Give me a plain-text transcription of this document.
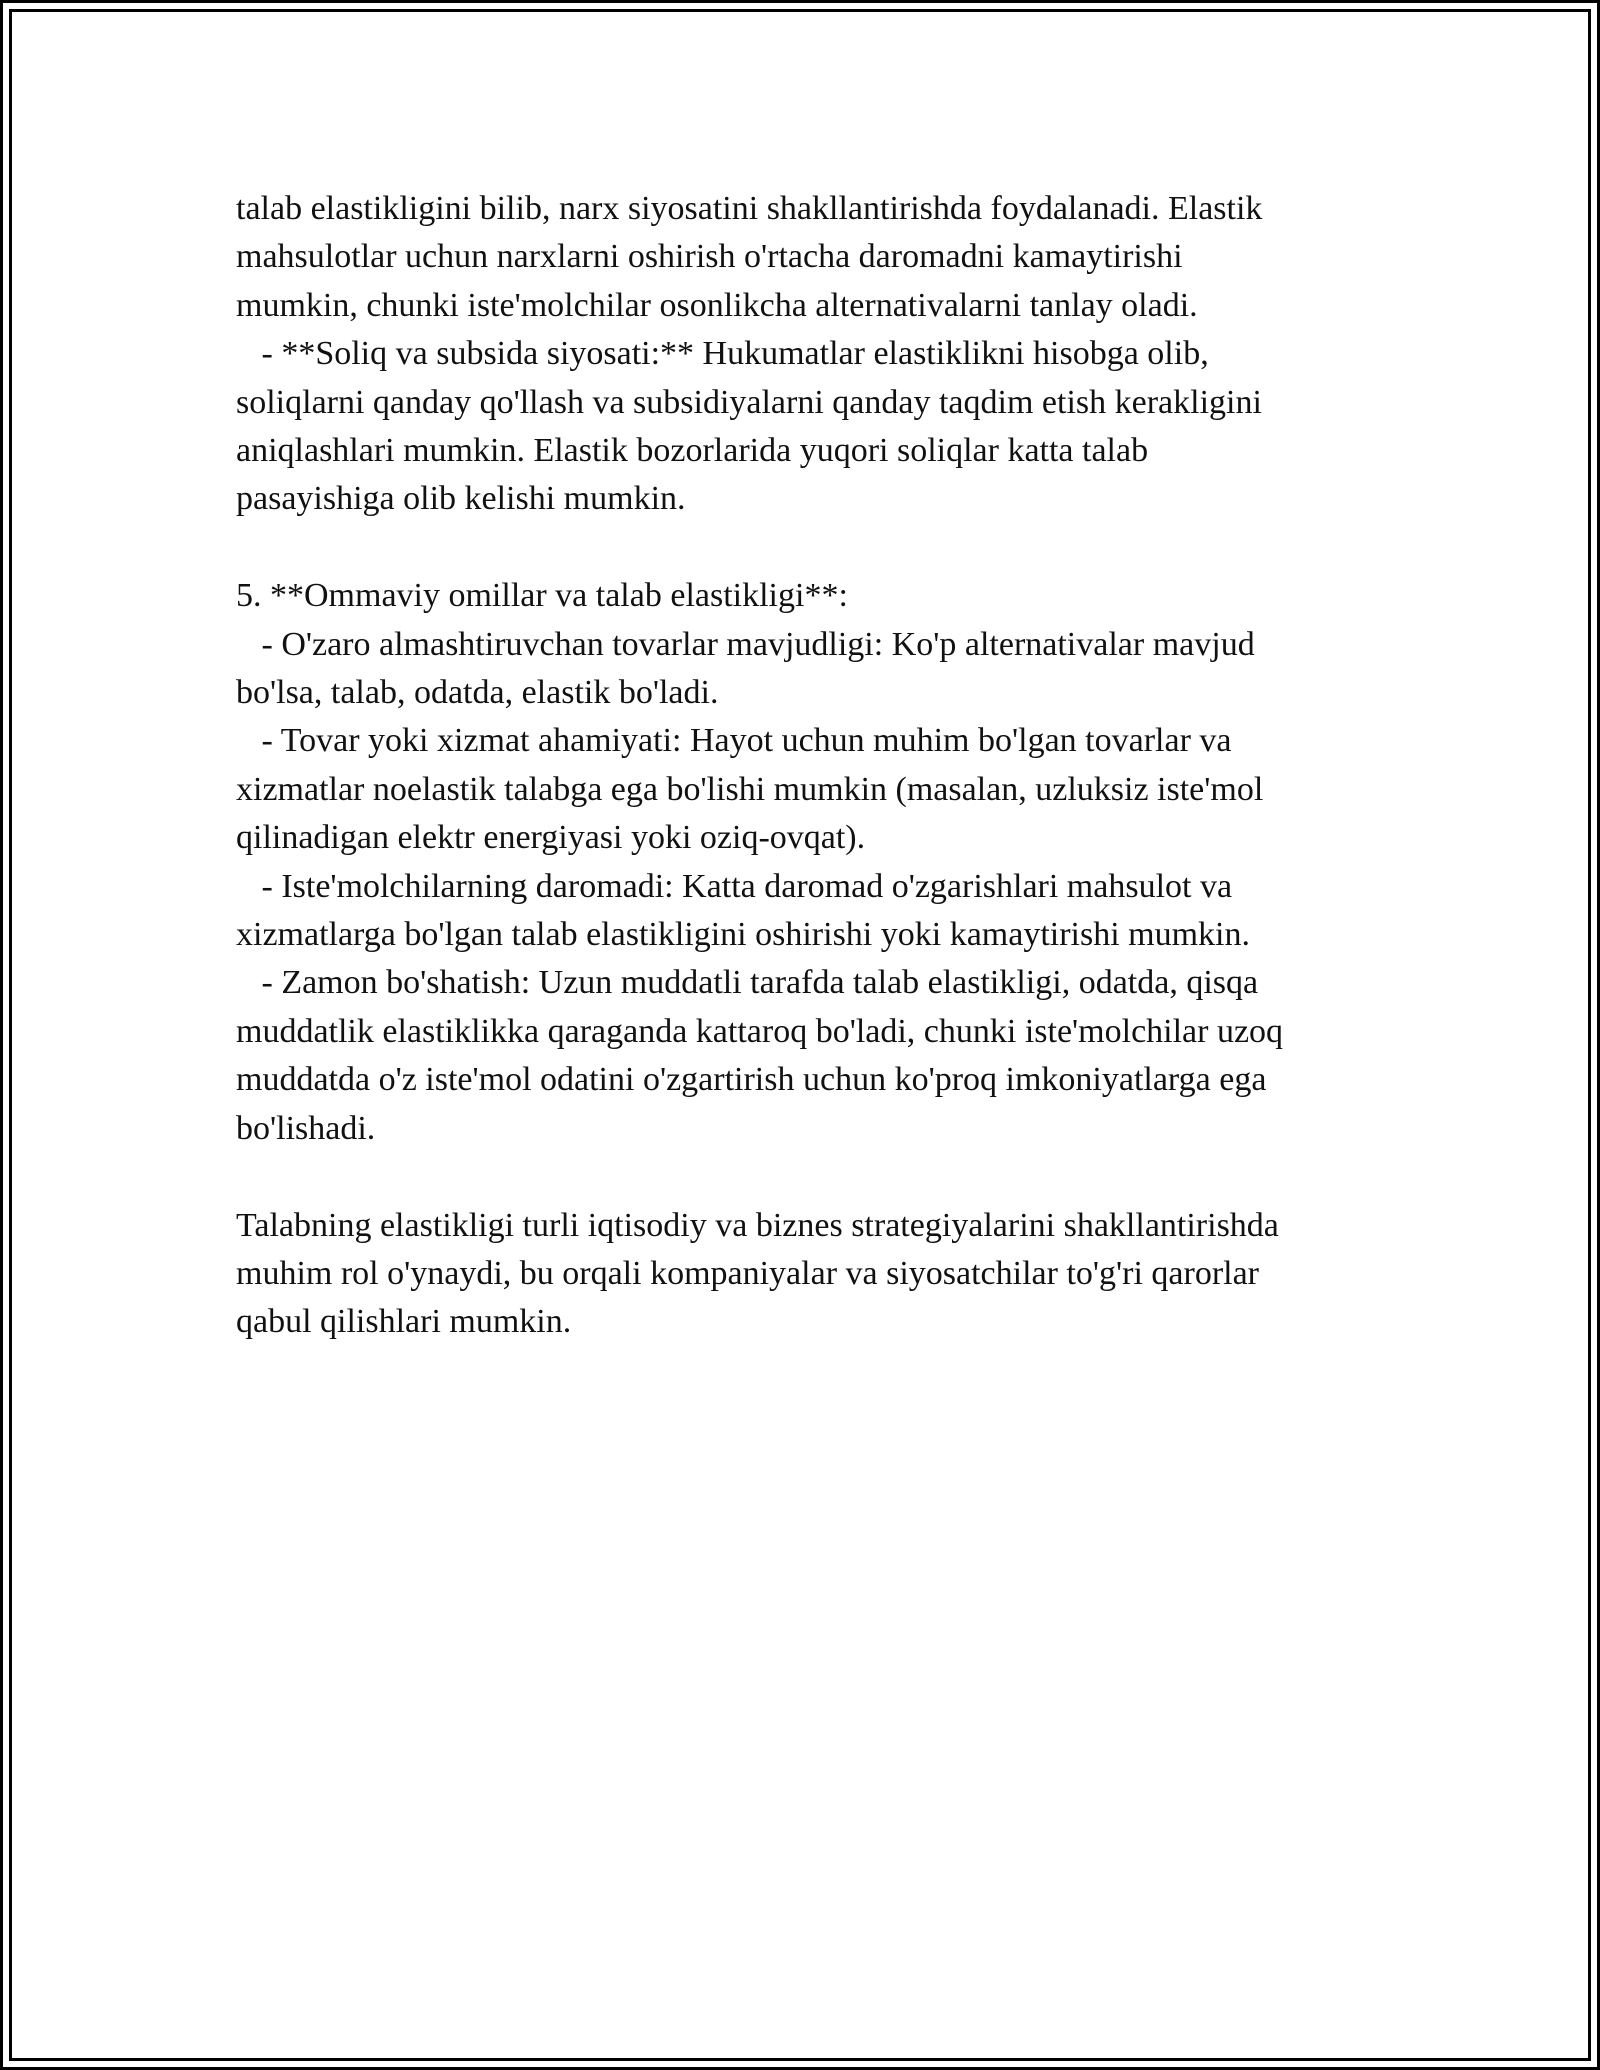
talab elastikligini bilib, narx siyosatini shakllantirishda foydalanadi. Elastik

mahsulotlar uchun narxlarni oshirish o'rtacha daromadni kamaytirishi

mumkin, chunki iste'molchilar osonlikcha alternativalarni tanlay oladi.

- **Soliq va subsida siyosati:** Hukumatlar elastiklikni hisobga olib,

soliqlarni qanday qo'llash va subsidiyalarni qanday taqdim etish kerakligini

aniqlashlari mumkin. Elastik bozorlarida yuqori soliqlar katta talab

pasayishiga olib kelishi mumkin.

5. **Ommaviy omillar va talab elastikligi**:

- O'zaro almashtiruvchan tovarlar mavjudligi: Ko'p alternativalar mavjud

bo'lsa, talab, odatda, elastik bo'ladi.

- Tovar yoki xizmat ahamiyati: Hayot uchun muhim bo'lgan tovarlar va

xizmatlar noelastik talabga ega bo'lishi mumkin (masalan, uzluksiz iste'mol

qilinadigan elektr energiyasi yoki oziq-ovqat).

- Iste'molchilarning daromadi: Katta daromad o'zgarishlari mahsulot va

xizmatlarga bo'lgan talab elastikligini oshirishi yoki kamaytirishi mumkin.

- Zamon bo'shatish: Uzun muddatli tarafda talab elastikligi, odatda, qisqa

muddatlik elastiklikka qaraganda kattaroq bo'ladi, chunki iste'molchilar uzoq

muddatda o'z iste'mol odatini o'zgartirish uchun ko'proq imkoniyatlarga ega

bo'lishadi.

Talabning elastikligi turli iqtisodiy va biznes strategiyalarini shakllantirishda

muhim rol o'ynaydi, bu orqali kompaniyalar va siyosatchilar to'g'ri qarorlar

qabul qilishlari mumkin.
